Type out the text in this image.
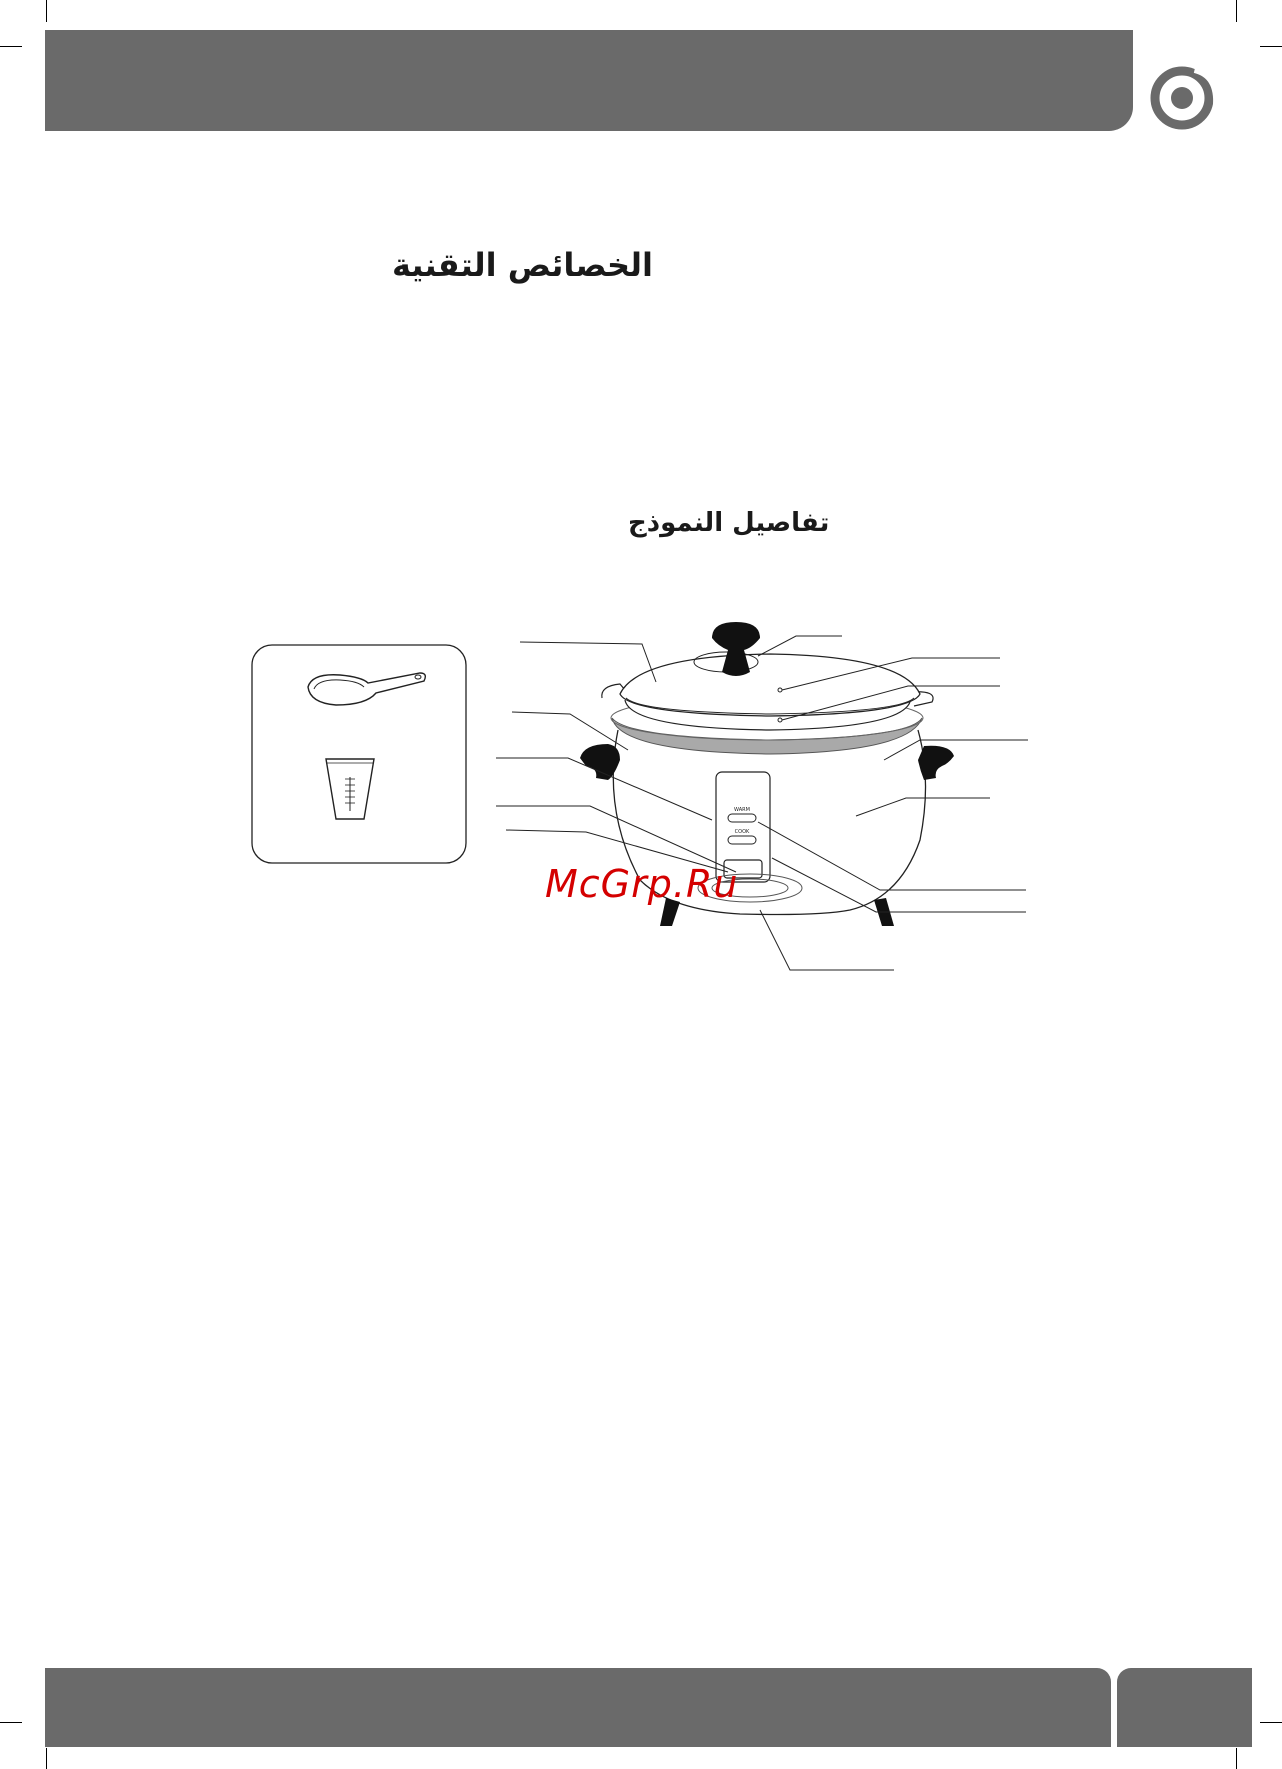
الخصائص التقنية
تفاصيل النموذج
WARM
COOK
McGrp.Ru
